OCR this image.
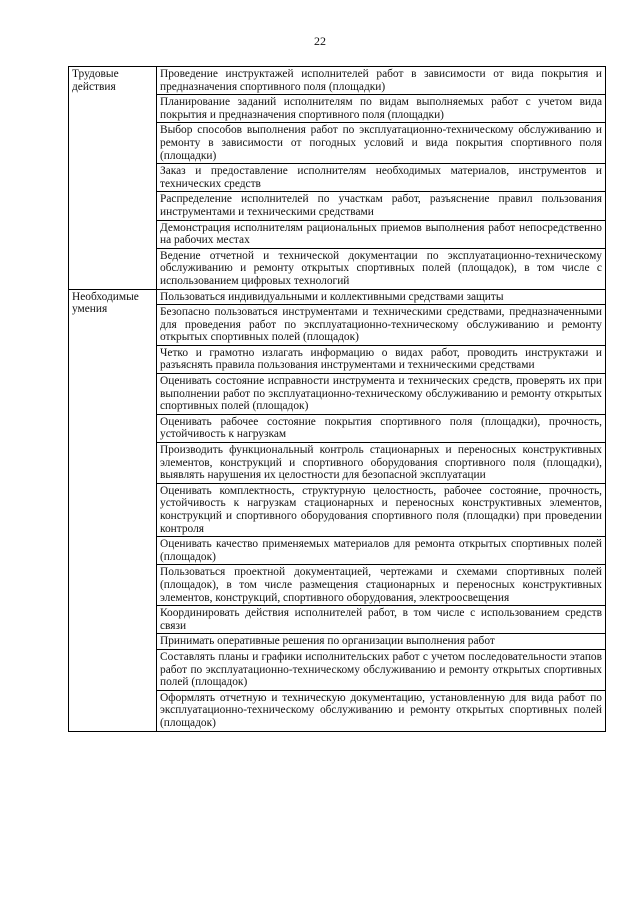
22
Трудовые действия	Проведение инструктажей исполнителей работ в зависимости от вида покрытия и предназначения спортивного поля (площадки)
	Планирование заданий исполнителям по видам выполняемых работ с учетом вида покрытия и предназначения спортивного поля (площадки)
	Выбор способов выполнения работ по эксплуатационно-техническому обслуживанию и ремонту в зависимости от погодных условий и вида покрытия спортивного поля (площадки)
	Заказ и предоставление исполнителям необходимых материалов, инструментов и технических средств
	Распределение исполнителей по участкам работ, разъяснение правил пользования инструментами и техническими средствами
	Демонстрация исполнителям рациональных приемов выполнения работ непосредственно на рабочих местах
	Ведение отчетной и технической документации по эксплуатационно-техническому обслуживанию и ремонту открытых спортивных полей (площадок), в том числе с использованием цифровых технологий
Необходимые умения	Пользоваться индивидуальными и коллективными средствами защиты
	Безопасно пользоваться инструментами и техническими средствами, предназначенными для проведения работ по эксплуатационно-техническому обслуживанию и ремонту открытых спортивных полей (площадок)
	Четко и грамотно излагать информацию о видах работ, проводить инструктажи и разъяснять правила пользования инструментами и техническими средствами
	Оценивать состояние исправности инструмента и технических средств, проверять их при выполнении работ по эксплуатационно-техническому обслуживанию и ремонту открытых спортивных полей (площадок)
	Оценивать рабочее состояние покрытия спортивного поля (площадки), прочность, устойчивость к нагрузкам
	Производить функциональный контроль стационарных и переносных конструктивных элементов, конструкций и спортивного оборудования спортивного поля (площадки), выявлять нарушения их целостности для безопасной эксплуатации
	Оценивать комплектность, структурную целостность, рабочее состояние, прочность, устойчивость к нагрузкам стационарных и переносных конструктивных элементов, конструкций и спортивного оборудования спортивного поля (площадки) при проведении контроля
	Оценивать качество применяемых материалов для ремонта открытых спортивных полей (площадок)
	Пользоваться проектной документацией, чертежами и схемами спортивных полей (площадок), в том числе размещения стационарных и переносных конструктивных элементов, конструкций, спортивного оборудования, электроосвещения
	Координировать действия исполнителей работ, в том числе с использованием средств связи
	Принимать оперативные решения по организации выполнения работ
	Составлять планы и графики исполнительских работ с учетом последовательности этапов работ по эксплуатационно-техническому обслуживанию и ремонту открытых спортивных полей (площадок)
	Оформлять отчетную и техническую документацию, установленную для вида работ по эксплуатационно-техническому обслуживанию и ремонту открытых спортивных полей (площадок)
